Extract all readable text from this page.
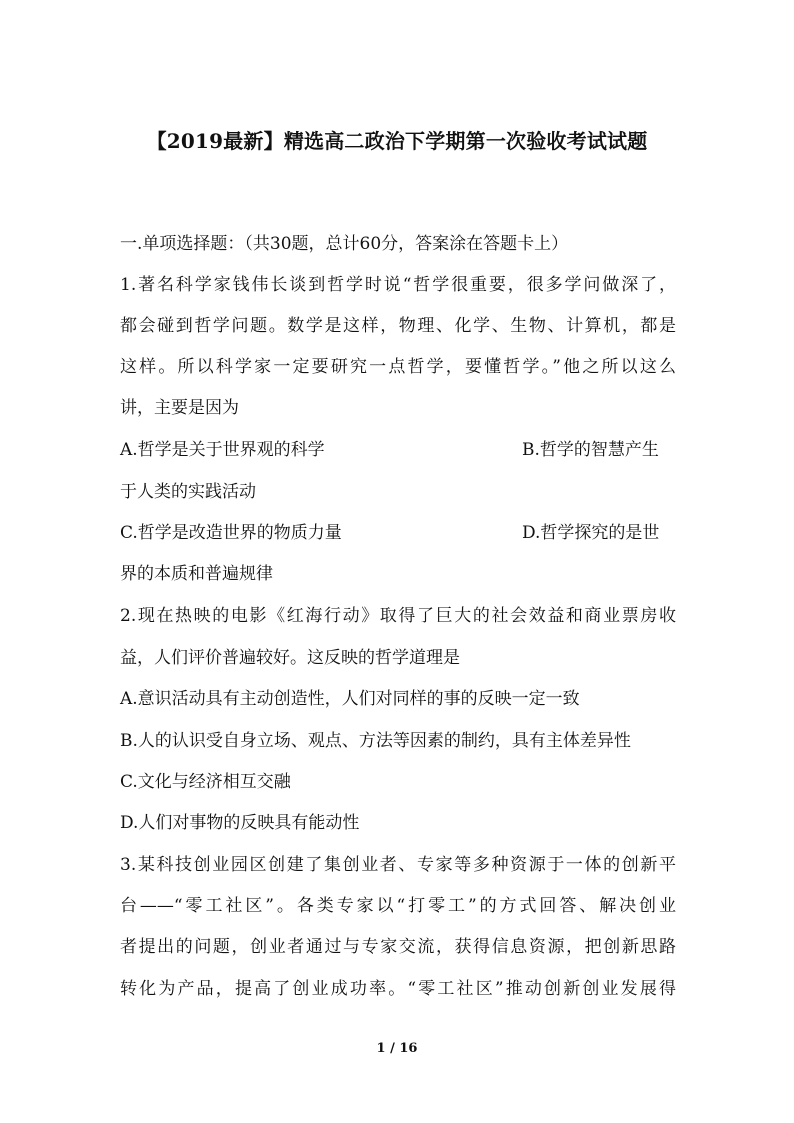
【2019最新】精选高二政治下学期第一次验收考试试题
一.单项选择题：（共30题，总计60分，答案涂在答题卡上）
1.著名科学家钱伟长谈到哲学时说“哲学很重要，很多学问做深了，
都会碰到哲学问题。数学是这样，物理、化学、生物、计算机，都是
这样。所以科学家一定要研究一点哲学，要懂哲学。”他之所以这么
讲，主要是因为
A.哲学是关于世界观的科学	B.哲学的智慧产生
于人类的实践活动
C.哲学是改造世界的物质力量	D.哲学探究的是世
界的本质和普遍规律
2.现在热映的电影《红海行动》取得了巨大的社会效益和商业票房收
益，人们评价普遍较好。这反映的哲学道理是
A.意识活动具有主动创造性，人们对同样的事的反映一定一致
B.人的认识受自身立场、观点、方法等因素的制约，具有主体差异性
C.文化与经济相互交融
D.人们对事物的反映具有能动性
3.某科技创业园区创建了集创业者、专家等多种资源于一体的创新平
台——“零工社区”。各类专家以“打零工”的方式回答、解决创业
者提出的问题，创业者通过与专家交流，获得信息资源，把创新思路
转化为产品，提高了创业成功率。“零工社区”推动创新创业发展得
1 / 16
